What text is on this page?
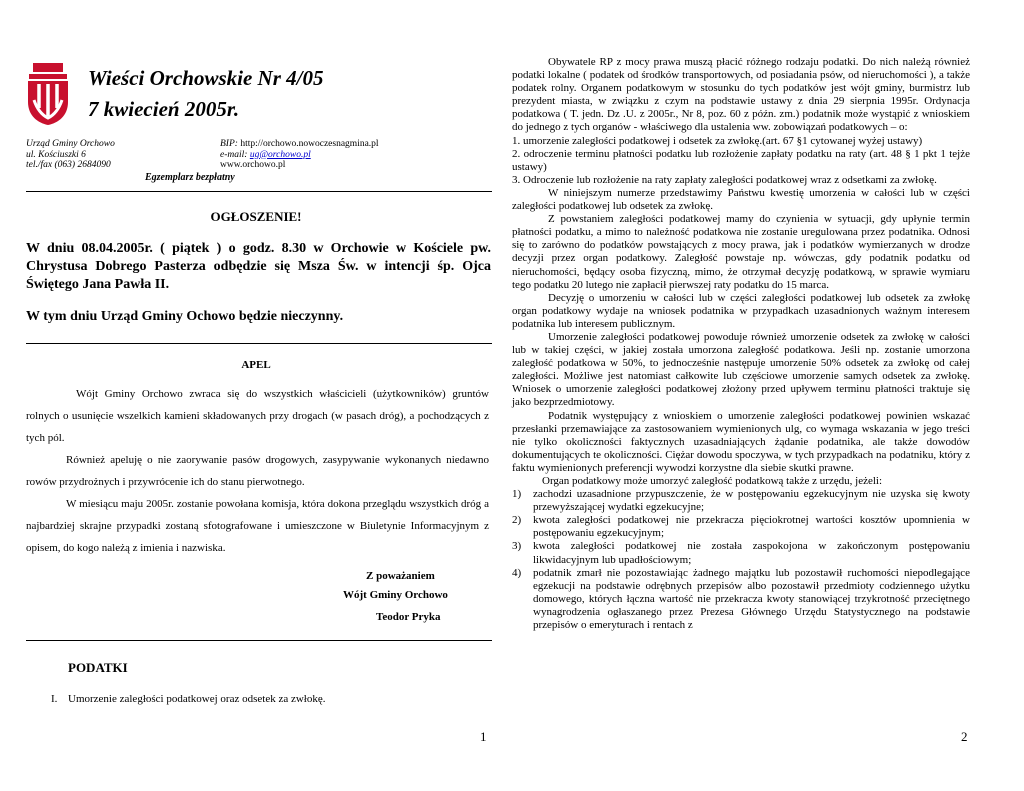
Wieści Orchowskie Nr 4/05
7 kwiecień 2005r.
Urząd Gminy Orchowo
ul. Kościuszki 6
tel./fax (063) 2684090
BIP: http://orchowo.nowoczesnagmina.pl
e-mail: ug@orchowo.pl
www.orchowo.pl
Egzemplarz bezpłatny
OGŁOSZENIE!
W dniu 08.04.2005r. ( piątek ) o godz. 8.30 w Orchowie w Kościele pw. Chrystusa Dobrego Pasterza odbędzie się Msza Św. w intencji śp. Ojca Świętego Jana Pawła II.
W tym dniu Urząd Gminy Ochowo będzie nieczynny.
APEL

Wójt Gminy Orchowo zwraca się do wszystkich właścicieli (użytkowników) gruntów rolnych o usunięcie wszelkich kamieni składowanych przy drogach (w pasach dróg), a pochodzących z tych pól.

Również apeluję o nie zaorywanie pasów drogowych, zasypywanie wykonanych niedawno rowów przydrożnych i przywrócenie ich do stanu pierwotnego.

W miesiącu maju 2005r. zostanie powołana komisja, która dokona przeglądu wszystkich dróg a najbardziej skrajne przypadki zostaną sfotografowane i umieszczone w Biuletynie Informacyjnym z opisem, do kogo należą z imienia i nazwiska.

Z poważaniem
Wójt Gminy Orchowo
Teodor Pryka
PODATKI
I. Umorzenie zaległości podatkowej oraz odsetek za zwłokę.
1

Obywatele RP z mocy prawa muszą płacić różnego rodzaju podatki. Do nich należą również podatki lokalne ( podatek od środków transportowych, od posiadania psów, od nieruchomości ), a także podatek rolny. Organem podatkowym w stosunku do tych podatków jest wójt gminy, burmistrz lub prezydent miasta, w związku z czym na podstawie ustawy z dnia 29 sierpnia 1995r. Ordynacja podatkowa ( T. jedn. Dz .U. z 2005r., Nr 8, poz. 60 z późn. zm.) podatnik może wystąpić z wnioskiem do jednego z tych organów - właściwego dla ustalenia ww. zobowiązań podatkowych – o:

1. umorzenie zaległości podatkowej i odsetek za zwłokę.(art. 67 §1 cytowanej wyżej ustawy)

2. odroczenie terminu płatności podatku lub rozłożenie zapłaty podatku na raty (art. 48 § 1 pkt 1 tejże ustawy)

3. Odroczenie lub rozłożenie na raty zapłaty zaległości podatkowej wraz z odsetkami za zwłokę.

W niniejszym numerze przedstawimy Państwu kwestię umorzenia w całości lub w części zaległości podatkowej lub odsetek za zwłokę.

Z powstaniem zaległości podatkowej mamy do czynienia w sytuacji, gdy upłynie termin płatności podatku, a mimo to należność podatkowa nie zostanie uregulowana przez podatnika. Odnosi się to zarówno do podatków powstających z mocy prawa, jak i podatków wymierzanych w drodze decyzji przez organ podatkowy. Zaległość powstaje np. wówczas, gdy podatnik podatku od nieruchomości, będący osoba fizyczną, mimo, że otrzymał decyzję podatkową, w sprawie wymiaru tego podatku 20 lutego nie zapłacił pierwszej raty podatku do 15 marca.

Decyzję o umorzeniu w całości lub w części zaległości podatkowej lub odsetek za zwłokę organ podatkowy wydaje na wniosek podatnika w przypadkach uzasadnionych ważnym interesem podatnika lub interesem publicznym.

Umorzenie zaległości podatkowej powoduje również umorzenie odsetek za zwłokę w całości lub w takiej części, w jakiej została umorzona zaległość podatkowa. Jeśli np. zostanie umorzona zaległość podatkowa w 50%, to jednocześnie następuje umorzenie 50% odsetek za zwłokę od całej zaległości. Możliwe jest natomiast całkowite lub częściowe umorzenie samych odsetek za zwłokę. Wniosek o umorzenie zaległości podatkowej złożony przed upływem terminu płatności traktuje się jako bezprzedmiotowy.

Podatnik występujący z wnioskiem o umorzenie zaległości podatkowej powinien wskazać przesłanki przemawiające za zastosowaniem wymienionych ulg, co wymaga wskazania w jego treści nie tylko okoliczności faktycznych uzasadniających żądanie podatnika, ale także dowodów dokumentujących te okoliczności. Ciężar dowodu spoczywa, w tych przypadkach na podatniku, który z faktu wymienionych preferencji wywodzi korzystne dla siebie skutki prawne.

Organ podatkowy może umorzyć zaległość podatkową także z urzędu, jeżeli:

1) zachodzi uzasadnione przypuszczenie, że w postępowaniu egzekucyjnym nie uzyska się kwoty przewyższającej wydatki egzekucyjne;
2) kwota zaległości podatkowej nie przekracza pięciokrotnej wartości kosztów upomnienia w postępowaniu egzekucyjnym;
3) kwota zaległości podatkowej nie została zaspokojona w zakończonym postępowaniu likwidacyjnym lub upadłościowym;
4) podatnik zmarł nie pozostawiając żadnego majątku lub pozostawił ruchomości niepodlegające egzekucji na podstawie odrębnych przepisów albo pozostawił przedmioty codziennego użytku domowego, których łączna wartość nie przekracza kwoty stanowiącej trzykrotność przeciętnego wynagrodzenia ogłaszanego przez Prezesa Głównego Urzędu Statystycznego na podstawie przepisów o emeryturach i rentach z
2
